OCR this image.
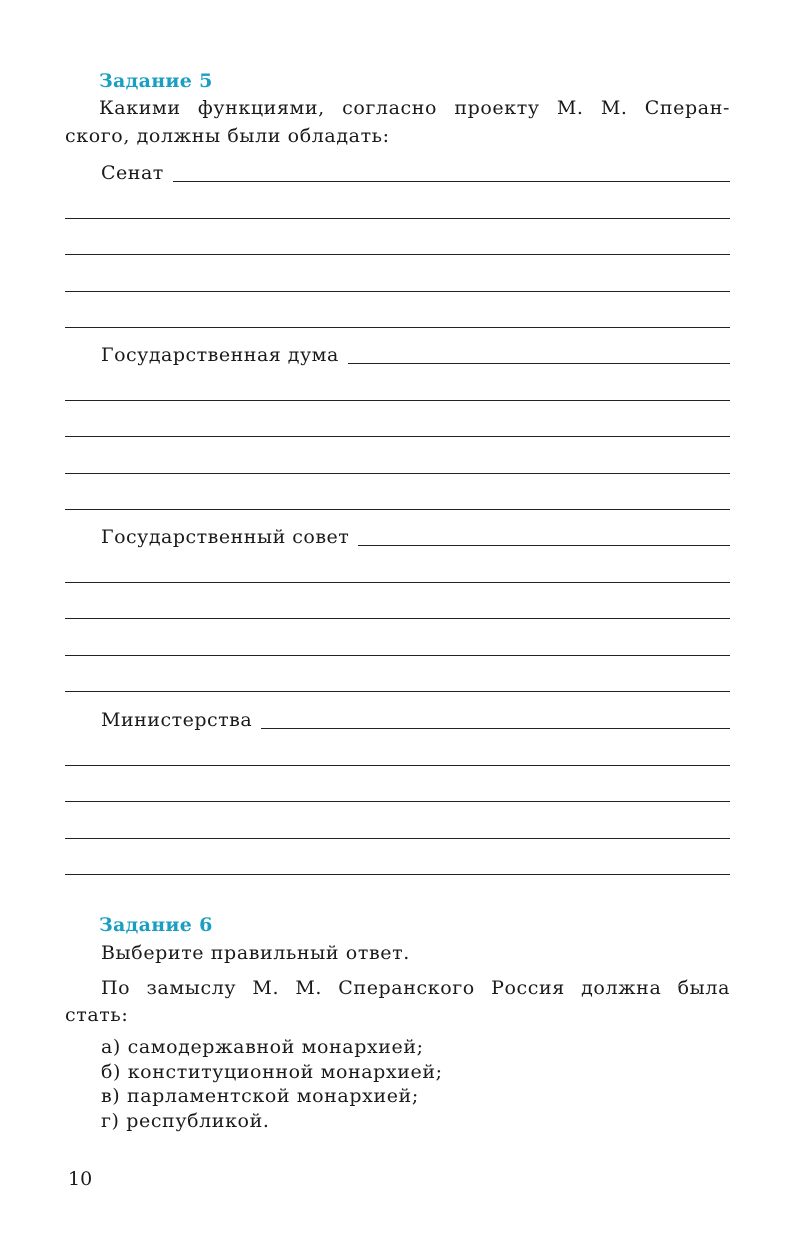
Задание 5
Какими функциями, согласно проекту М. М. Сперан-
ского, должны были обладать:
Сенат
Государственная дума
Государственный совет
Министерства
Задание 6
Выберите правильный ответ.
По замыслу М. М. Сперанского Россия должна была
стать:
а) самодержавной монархией;
б) конституционной монархией;
в) парламентской монархией;
г) республикой.
10
